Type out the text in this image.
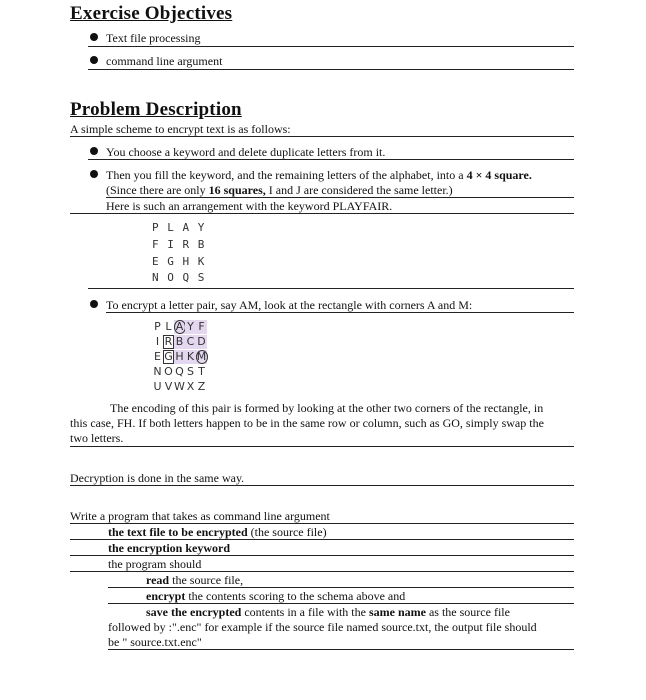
Exercise Objectives
Text file processing
command line argument
Problem Description
A simple scheme to encrypt text is as follows:
You choose a keyword and delete duplicate letters from it.
Then you fill the keyword, and the remaining letters of the alphabet, into a 4 × 4 square.
(Since there are only 16 squares, I and J are considered the same letter.)
Here is such an arrangement with the keyword PLAYFAIR.
P L A Y
F I R B
E G H K
N O Q S
To encrypt a letter pair, say AM, look at the rectangle with corners A and M:
P L A Y F
I R B C D
E G H K M
N O Q S T
U V W X Z
The encoding of this pair is formed by looking at the other two corners of the rectangle, in
this case, FH. If both letters happen to be in the same row or column, such as GO, simply swap the
two letters.
Decryption is done in the same way.
Write a program that takes as command line argument
the text file to be encrypted (the source file)
the encryption keyword
the program should
read the source file,
encrypt the contents scoring to the schema above and
save the encrypted contents in a file with the same name as the source file
followed by :".enc" for example if the source file named source.txt, the output file should
be " source.txt.enc"
